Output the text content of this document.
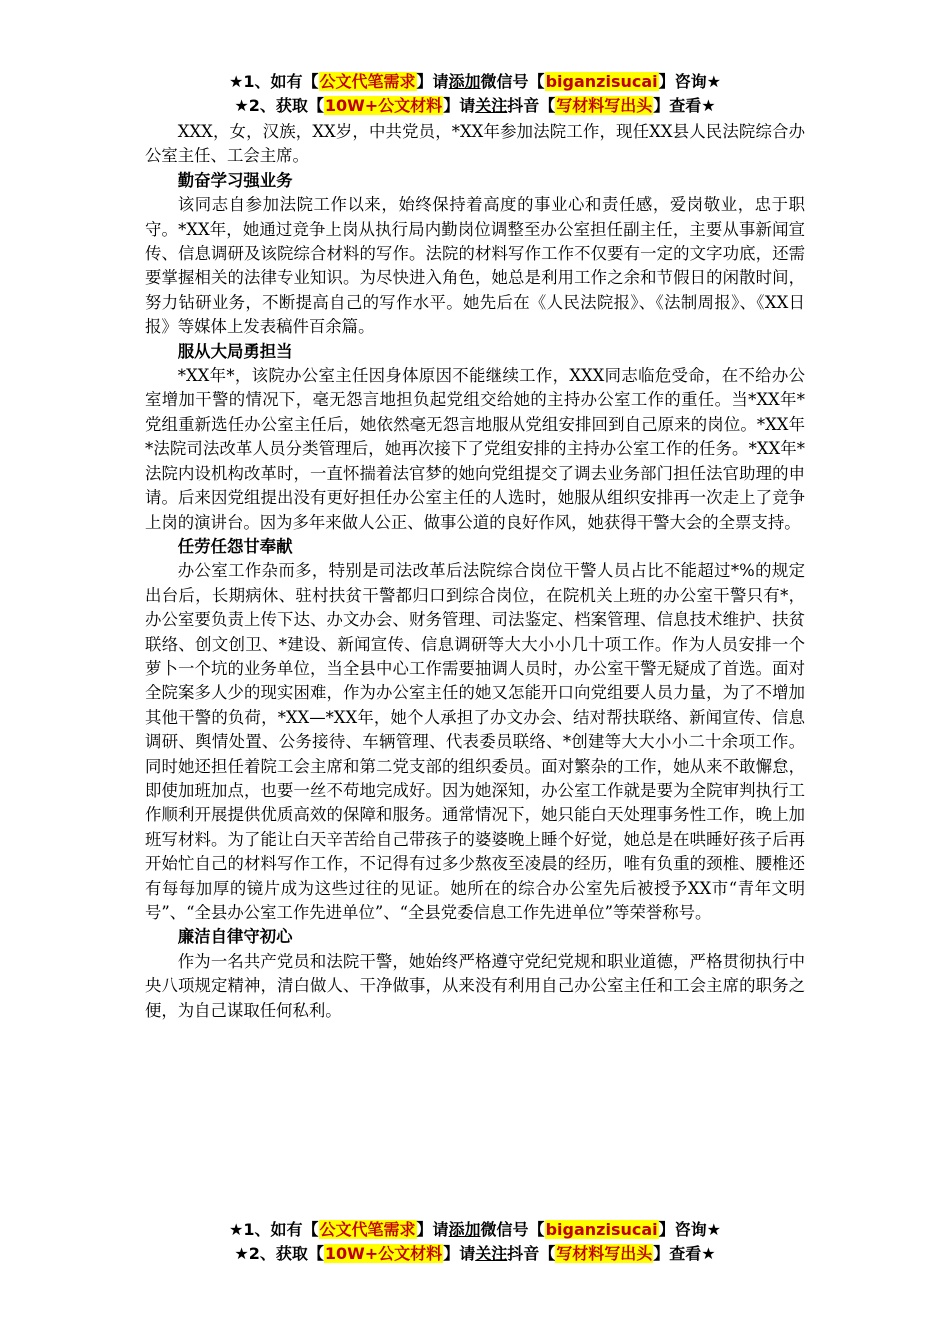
★1、如有【公文代笔需求】请添加微信号【biganzisucai】咨询★
★2、获取【10W+公文材料】请关注抖音【写材料写出头】查看★

XXX，女，汉族，XX岁，中共党员，*XX年参加法院工作，现任XX县人民法院综合办公室主任、工会主席。

勤奋学习强业务

该同志自参加法院工作以来，始终保持着高度的事业心和责任感，爱岗敬业，忠于职守。*XX年，她通过竞争上岗从执行局内勤岗位调整至办公室担任副主任，主要从事新闻宣传、信息调研及该院综合材料的写作。法院的材料写作工作不仅要有一定的文字功底，还需要掌握相关的法律专业知识。为尽快进入角色，她总是利用工作之余和节假日的闲散时间，努力钻研业务，不断提高自己的写作水平。她先后在《人民法院报》、《法制周报》、《XX日报》等媒体上发表稿件百余篇。

服从大局勇担当

*XX年*，该院办公室主任因身体原因不能继续工作，XXX同志临危受命，在不给办公室增加干警的情况下，毫无怨言地担负起党组交给她的主持办公室工作的重任。当*XX年*党组重新选任办公室主任后，她依然毫无怨言地服从党组安排回到自己原来的岗位。*XX年*法院司法改革人员分类管理后，她再次接下了党组安排的主持办公室工作的任务。*XX年*法院内设机构改革时，一直怀揣着法官梦的她向党组提交了调去业务部门担任法官助理的申请。后来因党组提出没有更好担任办公室主任的人选时，她服从组织安排再一次走上了竞争上岗的演讲台。因为多年来做人公正、做事公道的良好作风，她获得干警大会的全票支持。

任劳任怨甘奉献

办公室工作杂而多，特别是司法改革后法院综合岗位干警人员占比不能超过*%的规定出台后，长期病休、驻村扶贫干警都归口到综合岗位，在院机关上班的办公室干警只有*，办公室要负责上传下达、办文办会、财务管理、司法鉴定、档案管理、信息技术维护、扶贫联络、创文创卫、*建设、新闻宣传、信息调研等大大小小几十项工作。作为人员安排一个萝卜一个坑的业务单位，当全县中心工作需要抽调人员时，办公室干警无疑成了首选。面对全院案多人少的现实困难，作为办公室主任的她又怎能开口向党组要人员力量，为了不增加其他干警的负荷，*XX—*XX年，她个人承担了办文办会、结对帮扶联络、新闻宣传、信息调研、舆情处置、公务接待、车辆管理、代表委员联络、*创建等大大小小二十余项工作。同时她还担任着院工会主席和第二党支部的组织委员。面对繁杂的工作，她从来不敢懈怠，即使加班加点，也要一丝不苟地完成好。因为她深知，办公室工作就是要为全院审判执行工作顺利开展提供优质高效的保障和服务。通常情况下，她只能白天处理事务性工作，晚上加班写材料。为了能让白天辛苦给自己带孩子的婆婆晚上睡个好觉，她总是在哄睡好孩子后再开始忙自己的材料写作工作，不记得有过多少熬夜至凌晨的经历，唯有负重的颈椎、腰椎还有每每加厚的镜片成为这些过往的见证。她所在的综合办公室先后被授予XX市“青年文明号”、“全县办公室工作先进单位”、“全县党委信息工作先进单位”等荣誉称号。

廉洁自律守初心

作为一名共产党员和法院干警，她始终严格遵守党纪党规和职业道德，严格贯彻执行中央八项规定精神，清白做人、干净做事，从来没有利用自己办公室主任和工会主席的职务之便，为自己谋取任何私利。

★1、如有【公文代笔需求】请添加微信号【biganzisucai】咨询★
★2、获取【10W+公文材料】请关注抖音【写材料写出头】查看★
